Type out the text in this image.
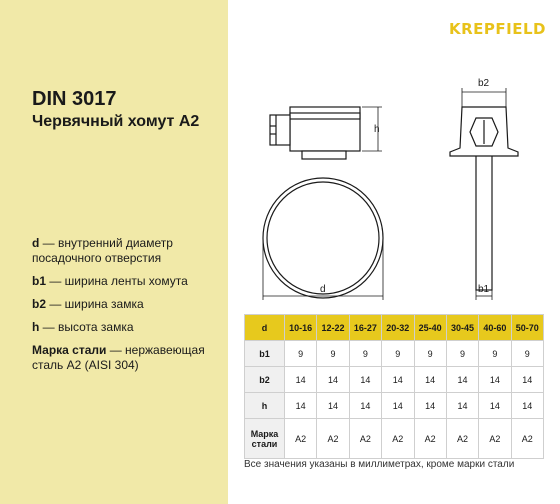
KREPFIELD
DIN 3017
Червячный хомут А2
d — внутренний диаметр посадочного отверстия
b1 — ширина ленты хомута
b2 — ширина замка
h — высота замка
Марка стали — нержавеющая сталь А2 (AISI 304)
h
d
b2
b1
d	10-16	12-22	16-27	20-32	25-40	30-45	40-60	50-70
b1	9	9	9	9	9	9	9	9
b2	14	14	14	14	14	14	14	14
h	14	14	14	14	14	14	14	14
Марка стали	A2	A2	A2	A2	A2	A2	A2	A2
Все значения указаны в миллиметрах, кроме марки стали
